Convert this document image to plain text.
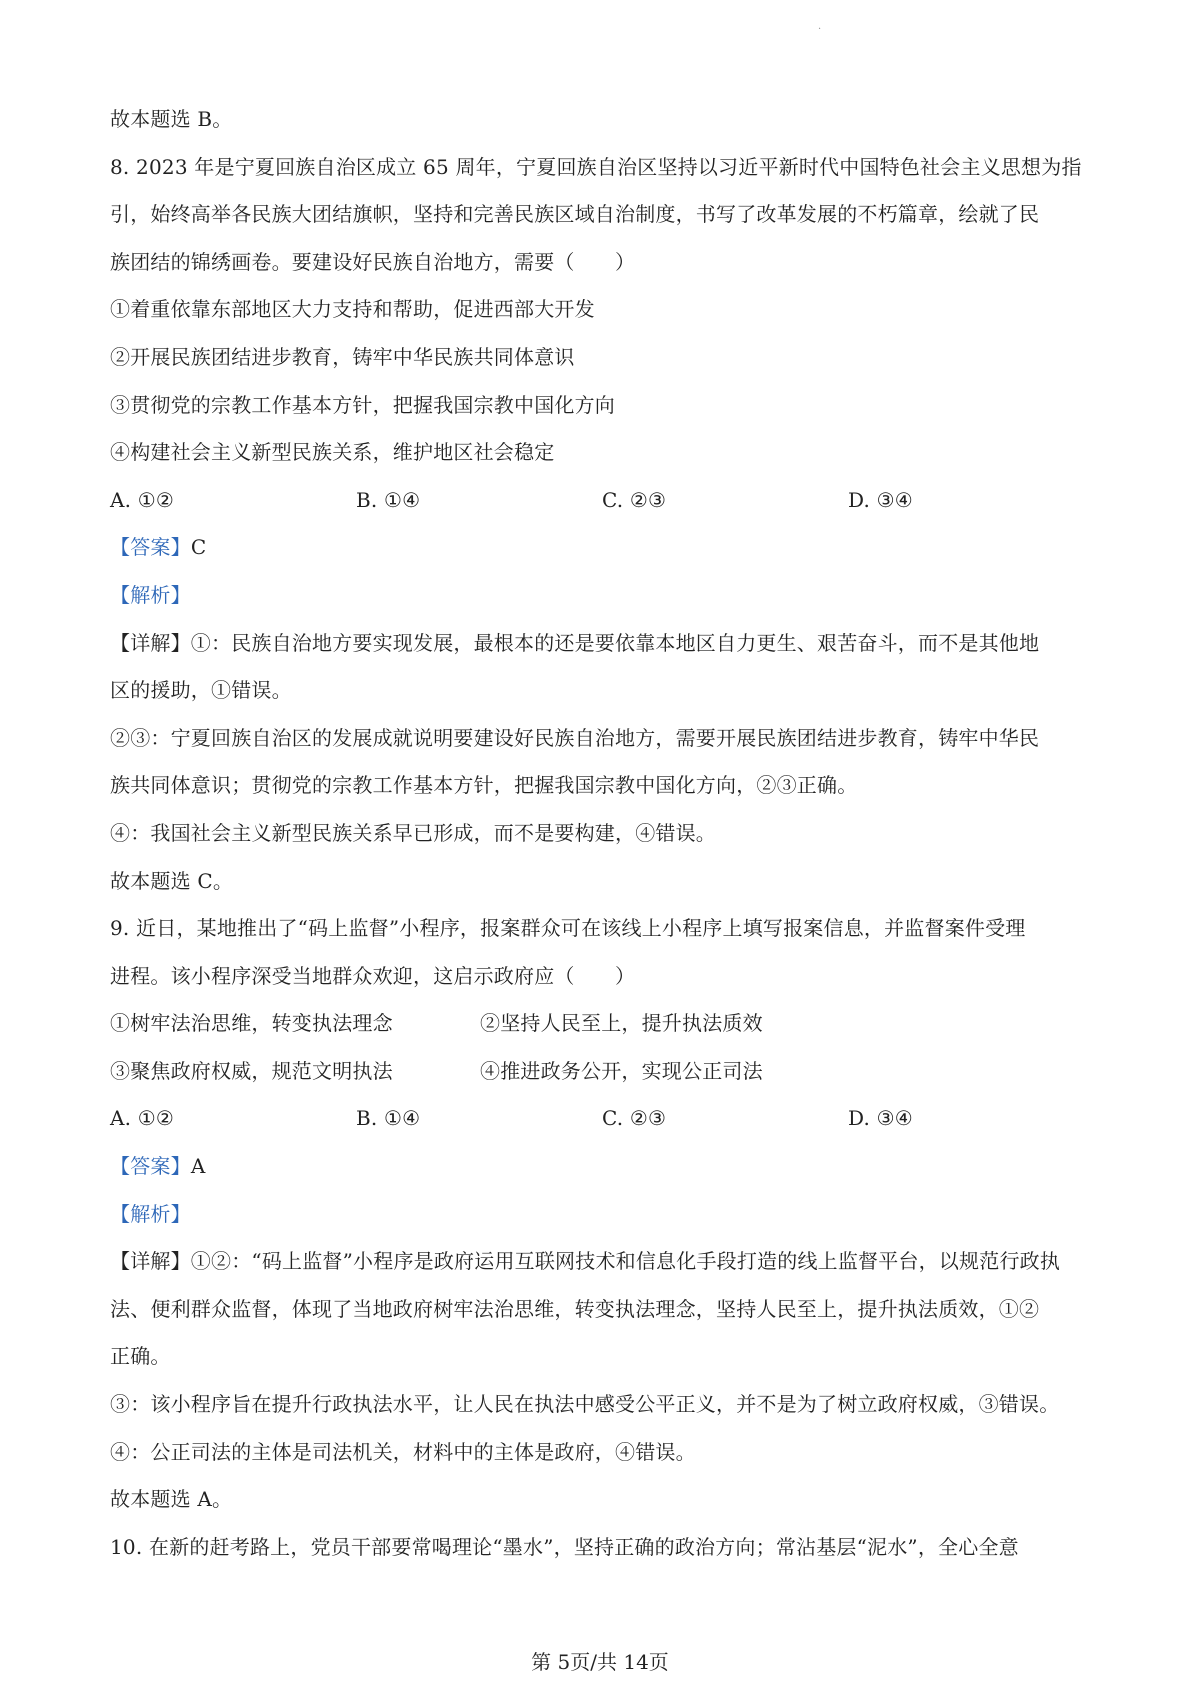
·
故本题选 B。
8. 2023 年是宁夏回族自治区成立 65 周年，宁夏回族自治区坚持以习近平新时代中国特色社会主义思想为指
引，始终高举各民族大团结旗帜，坚持和完善民族区域自治制度，书写了改革发展的不朽篇章，绘就了民
族团结的锦绣画卷。要建设好民族自治地方，需要（　　）
①着重依靠东部地区大力支持和帮助，促进西部大开发
②开展民族团结进步教育，铸牢中华民族共同体意识
③贯彻党的宗教工作基本方针，把握我国宗教中国化方向
④构建社会主义新型民族关系，维护地区社会稳定
A. ①②	B. ①④	C. ②③	D. ③④
【答案】C
【解析】
【详解】①：民族自治地方要实现发展，最根本的还是要依靠本地区自力更生、艰苦奋斗，而不是其他地
区的援助，①错误。
②③：宁夏回族自治区的发展成就说明要建设好民族自治地方，需要开展民族团结进步教育，铸牢中华民
族共同体意识；贯彻党的宗教工作基本方针，把握我国宗教中国化方向，②③正确。
④：我国社会主义新型民族关系早已形成，而不是要构建，④错误。
故本题选 C。
9. 近日，某地推出了“码上监督”小程序，报案群众可在该线上小程序上填写报案信息，并监督案件受理
进程。该小程序深受当地群众欢迎，这启示政府应（　　）
①树牢法治思维，转变执法理念	②坚持人民至上，提升执法质效
③聚焦政府权威，规范文明执法	④推进政务公开，实现公正司法
A. ①②	B. ①④	C. ②③	D. ③④
【答案】A
【解析】
【详解】①②：“码上监督”小程序是政府运用互联网技术和信息化手段打造的线上监督平台，以规范行政执
法、便利群众监督，体现了当地政府树牢法治思维，转变执法理念，坚持人民至上，提升执法质效，①②
正确。
③：该小程序旨在提升行政执法水平，让人民在执法中感受公平正义，并不是为了树立政府权威，③错误。
④：公正司法的主体是司法机关，材料中的主体是政府，④错误。
故本题选 A。
10. 在新的赶考路上，党员干部要常喝理论“墨水”，坚持正确的政治方向；常沾基层“泥水”，全心全意
第 5页/共 14页
